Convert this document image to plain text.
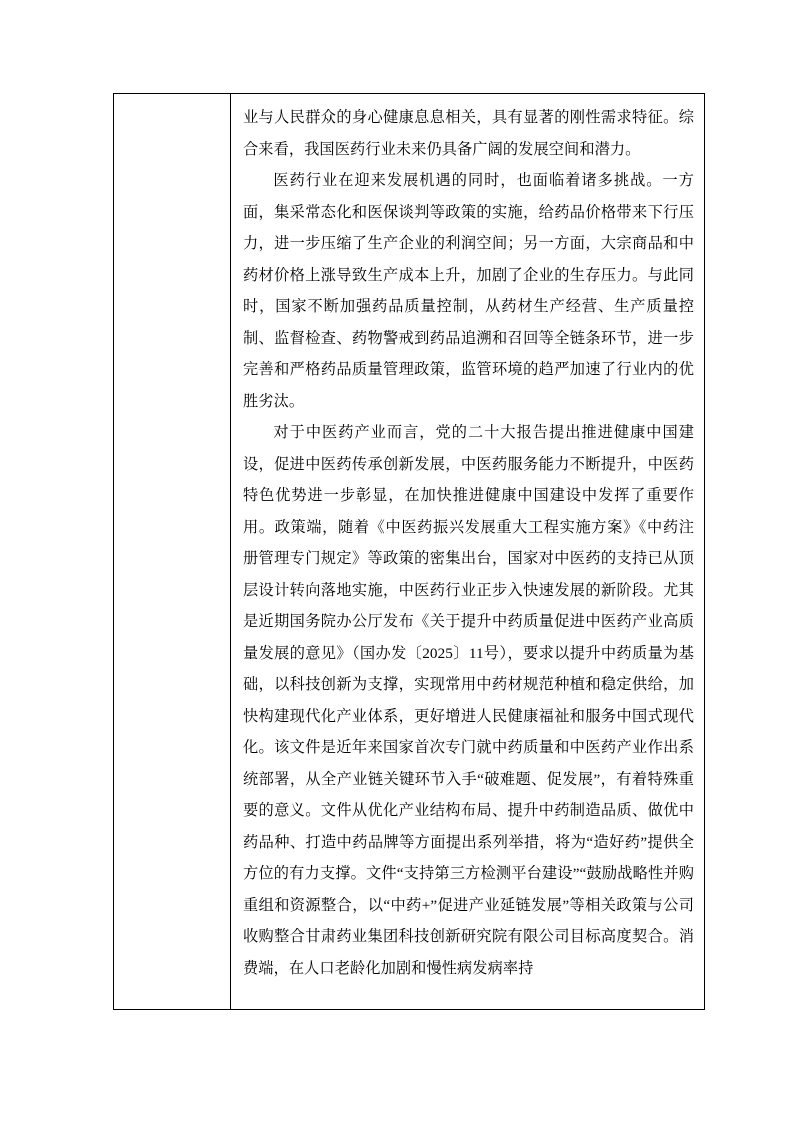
业与人民群众的身心健康息息相关，具有显著的刚性需求特征。综合来看，我国医药行业未来仍具备广阔的发展空间和潜力。

医药行业在迎来发展机遇的同时，也面临着诸多挑战。一方面，集采常态化和医保谈判等政策的实施，给药品价格带来下行压力，进一步压缩了生产企业的利润空间；另一方面，大宗商品和中药材价格上涨导致生产成本上升，加剧了企业的生存压力。与此同时，国家不断加强药品质量控制，从药材生产经营、生产质量控制、监督检查、药物警戒到药品追溯和召回等全链条环节，进一步完善和严格药品质量管理政策，监管环境的趋严加速了行业内的优胜劣汰。

对于中医药产业而言，党的二十大报告提出推进健康中国建设，促进中医药传承创新发展，中医药服务能力不断提升，中医药特色优势进一步彰显，在加快推进健康中国建设中发挥了重要作用。政策端，随着《中医药振兴发展重大工程实施方案》《中药注册管理专门规定》等政策的密集出台，国家对中医药的支持已从顶层设计转向落地实施，中医药行业正步入快速发展的新阶段。尤其是近期国务院办公厅发布《关于提升中药质量促进中医药产业高质量发展的意见》（国办发〔2025〕11号），要求以提升中药质量为基础，以科技创新为支撑，实现常用中药材规范种植和稳定供给，加快构建现代化产业体系，更好增进人民健康福祉和服务中国式现代化。该文件是近年来国家首次专门就中药质量和中医药产业作出系统部署，从全产业链关键环节入手“破难题、促发展”，有着特殊重要的意义。文件从优化产业结构布局、提升中药制造品质、做优中药品种、打造中药品牌等方面提出系列举措，将为“造好药”提供全方位的有力支撑。文件“支持第三方检测平台建设”“鼓励战略性并购重组和资源整合，以“中药+”促进产业延链发展”等相关政策与公司收购整合甘肃药业集团科技创新研究院有限公司目标高度契合。消费端，在人口老龄化加剧和慢性病发病率持
